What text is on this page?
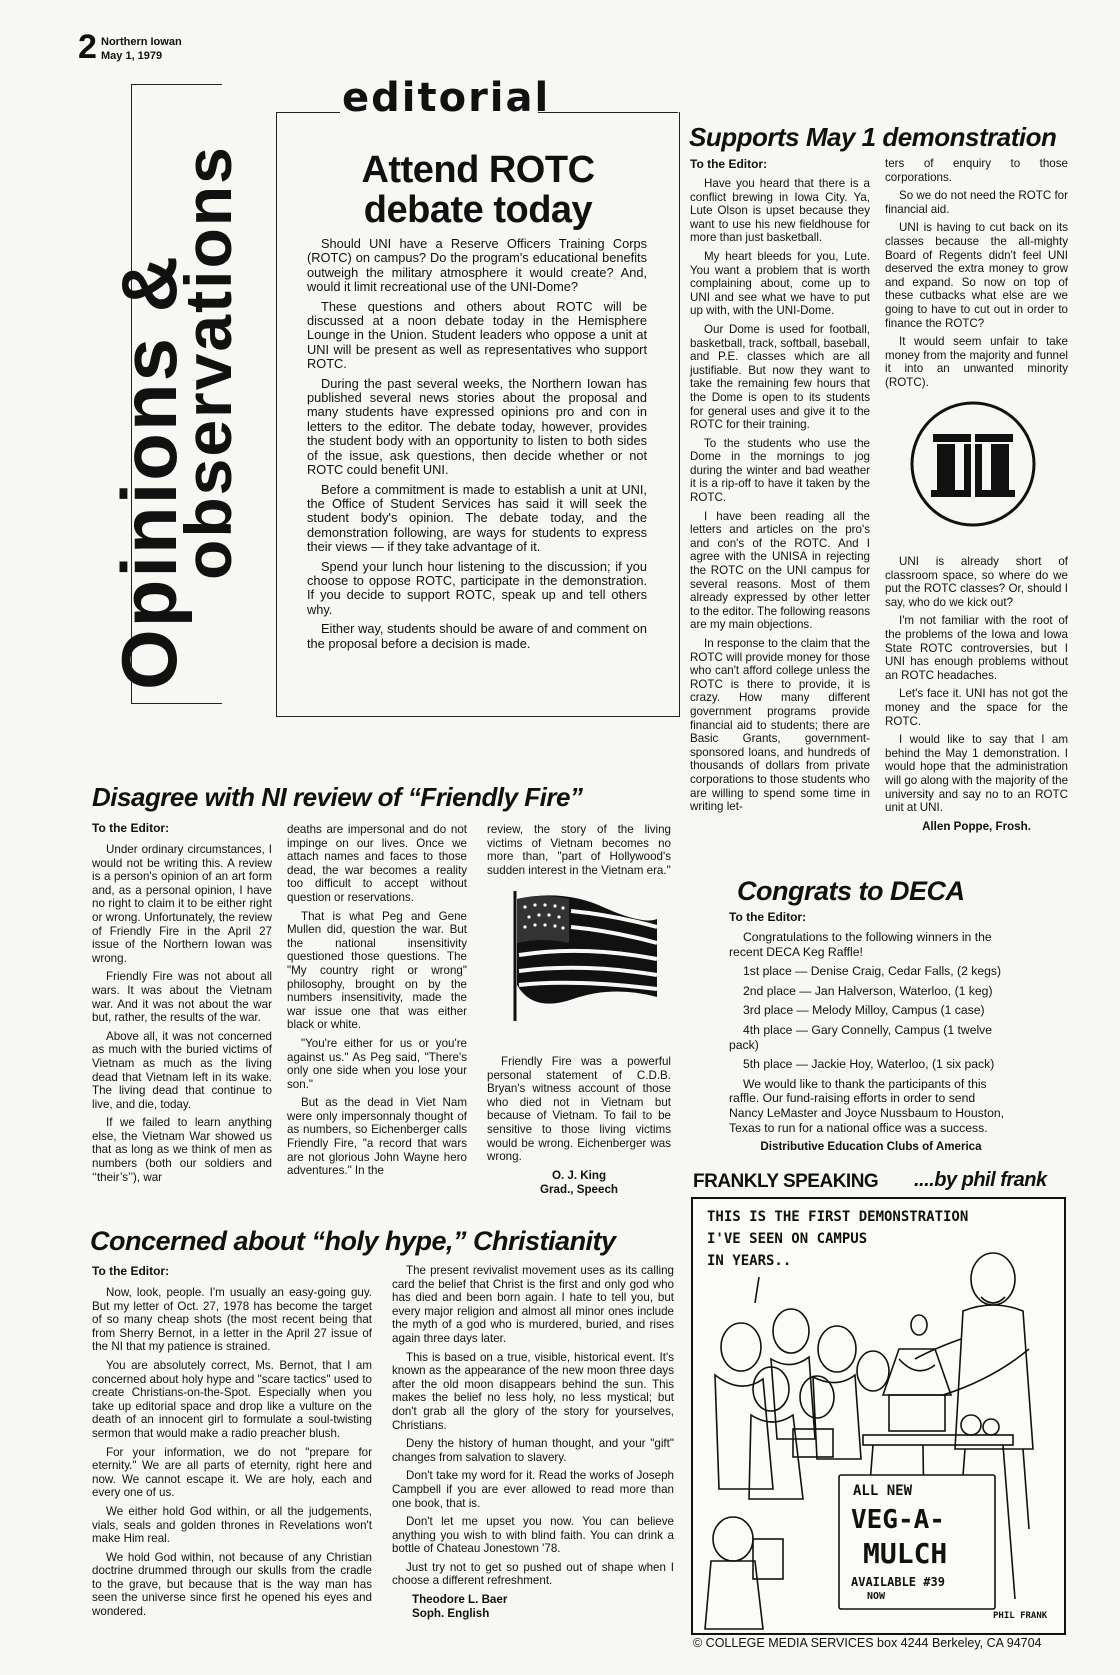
2 Northern Iowan
May 1, 1979
Opinions &
observations
editorial
Attend ROTC
debate today

Should UNI have a Reserve Officers Training Corps (ROTC) on campus? Do the program's educational benefits outweigh the military atmosphere it would create? And, would it limit recreational use of the UNI-Dome?

These questions and others about ROTC will be discussed at a noon debate today in the Hemisphere Lounge in the Union. Student leaders who oppose a unit at UNI will be present as well as representatives who support ROTC.

During the past several weeks, the Northern Iowan has published several news stories about the proposal and many students have expressed opinions pro and con in letters to the editor. The debate today, however, provides the student body with an opportunity to listen to both sides of the issue, ask questions, then decide whether or not ROTC could benefit UNI.

Before a commitment is made to establish a unit at UNI, the Office of Student Services has said it will seek the student body's opinion. The debate today, and the demonstration following, are ways for students to express their views — if they take advantage of it.

Spend your lunch hour listening to the discussion; if you choose to oppose ROTC, participate in the demonstration. If you decide to support ROTC, speak up and tell others why.

Either way, students should be aware of and comment on the proposal before a decision is made.

Supports May 1 demonstration
To the Editor:

Have you heard that there is a conflict brewing in Iowa City. Ya, Lute Olson is upset because they want to use his new fieldhouse for more than just basketball.

My heart bleeds for you, Lute. You want a problem that is worth complaining about, come up to UNI and see what we have to put up with, with the UNI-Dome.

Our Dome is used for football, basketball, track, softball, baseball, and P.E. classes which are all justifiable. But now they want to take the remaining few hours that the Dome is open to its students for general uses and give it to the ROTC for their training.

To the students who use the Dome in the mornings to jog during the winter and bad weather it is a rip-off to have it taken by the ROTC.

I have been reading all the letters and articles on the pro's and con's of the ROTC. And I agree with the UNISA in rejecting the ROTC on the UNI campus for several reasons. Most of them already expressed by other letter to the editor. The following reasons are my main objections.

In response to the claim that the ROTC will provide money for those who can't afford college unless the ROTC is there to provide, it is crazy. How many different government programs provide financial aid to students; there are Basic Grants, government-sponsored loans, and hundreds of thousands of dollars from private corporations to those students who are willing to spend some time in writing let-

ters of enquiry to those corporations.

So we do not need the ROTC for financial aid.

UNI is having to cut back on its classes because the all-mighty Board of Regents didn't feel UNI deserved the extra money to grow and expand. So now on top of these cutbacks what else are we going to have to cut out in order to finance the ROTC?

It would seem unfair to take money from the majority and funnel it into an unwanted minority (ROTC).

UNI

UNI is already short of classroom space, so where do we put the ROTC classes? Or, should I say, who do we kick out?

I'm not familiar with the root of the problems of the Iowa and Iowa State ROTC controversies, but I UNI has enough problems without an ROTC headaches.

Let's face it. UNI has not got the money and the space for the ROTC.

I would like to say that I am behind the May 1 demonstration. I would hope that the administration will go along with the majority of the university and say no to an ROTC unit at UNI.

Allen Poppe, Frosh.
Disagree with NI review of “Friendly Fire”
To the Editor:

Under ordinary circumstances, I would not be writing this. A review is a person's opinion of an art form and, as a personal opinion, I have no right to claim it to be either right or wrong. Unfortunately, the review of Friendly Fire in the April 27 issue of the Northern Iowan was wrong.

Friendly Fire was not about all wars. It was about the Vietnam war. And it was not about the war but, rather, the results of the war.

Above all, it was not concerned as much with the buried victims of Vietnam as much as the living dead that Vietnam left in its wake. The living dead that continue to live, and die, today.

If we failed to learn anything else, the Vietnam War showed us that as long as we think of men as numbers (both our soldiers and ‘‘their’s’’), war

deaths are impersonal and do not impinge on our lives. Once we attach names and faces to those dead, the war becomes a reality too difficult to accept without question or reservations.

That is what Peg and Gene Mullen did, question the war. But the national insensitivity questioned those questions. The "My country right or wrong" philosophy, brought on by the numbers insensitivity, made the war issue one that was either black or white.

"You're either for us or you're against us." As Peg said, "There's only one side when you lose your son."

But as the dead in Viet Nam were only impersonnaly thought of as numbers, so Eichenberger calls Friendly Fire, "a record that wars are not glorious John Wayne hero adventures." In the

review, the story of the living victims of Vietnam becomes no more than, "part of Hollywood's sudden interest in the Vietnam era."

Friendly Fire was a powerful personal statement of C.D.B. Bryan's witness account of those who died not in Vietnam but because of Vietnam. To fail to be sensitive to those living victims would be wrong. Eichenberger was wrong.

O. J. King
Grad., Speech
Congrats to DECA
To the Editor:

Congratulations to the following winners in the recent DECA Keg Raffle!

1st place — Denise Craig, Cedar Falls, (2 kegs)

2nd place — Jan Halverson, Waterloo, (1 keg)

3rd place — Melody Milloy, Campus (1 case)

4th place — Gary Connelly, Campus (1 twelve pack)

5th place — Jackie Hoy, Waterloo, (1 six pack)

We would like to thank the participants of this raffle. Our fund-raising efforts in order to send Nancy LeMaster and Joyce Nussbaum to Houston, Texas to run for a national office was a success.

Distributive Education Clubs of America
Concerned about “holy hype,” Christianity
To the Editor:

Now, look, people. I'm usually an easy-going guy. But my letter of Oct. 27, 1978 has become the target of so many cheap shots (the most recent being that from Sherry Bernot, in a letter in the April 27 issue of the NI that my patience is strained.

You are absolutely correct, Ms. Bernot, that I am concerned about holy hype and "scare tactics" used to create Christians-on-the-Spot. Especially when you take up editorial space and drop like a vulture on the death of an innocent girl to formulate a soul-twisting sermon that would make a radio preacher blush.

For your information, we do not "prepare for eternity." We are all parts of eternity, right here and now. We cannot escape it. We are holy, each and every one of us.

We either hold God within, or all the judgements, vials, seals and golden thrones in Revelations won't make Him real.

We hold God within, not because of any Christian doctrine drummed through our skulls from the cradle to the grave, but because that is the way man has seen the universe since first he opened his eyes and wondered.

The present revivalist movement uses as its calling card the belief that Christ is the first and only god who has died and been born again. I hate to tell you, but every major religion and almost all minor ones include the myth of a god who is murdered, buried, and rises again three days later.

This is based on a true, visible, historical event. It's known as the appearance of the new moon three days after the old moon disappears behind the sun. This makes the belief no less holy, no less mystical; but don't grab all the glory of the story for yourselves, Christians.

Deny the history of human thought, and your "gift" changes from salvation to slavery.

Don't take my word for it. Read the works of Joseph Campbell if you are ever allowed to read more than one book, that is.

Don't let me upset you now. You can believe anything you wish to with blind faith. You can drink a bottle of Chateau Jonestown '78.

Just try not to get so pushed out of shape when I choose a different refreshment.

Theodore L. Baer
Soph. English
FRANKLY SPEAKING ....by phil frank
THIS IS THE FIRST DEMONSTRATION
I'VE SEEN ON CAMPUS
IN YEARS..
ALL NEW
VEG-A-
MULCH
AVAILABLE #39
NOW
PHIL FRANK
© COLLEGE MEDIA SERVICES box 4244 Berkeley, CA 94704
